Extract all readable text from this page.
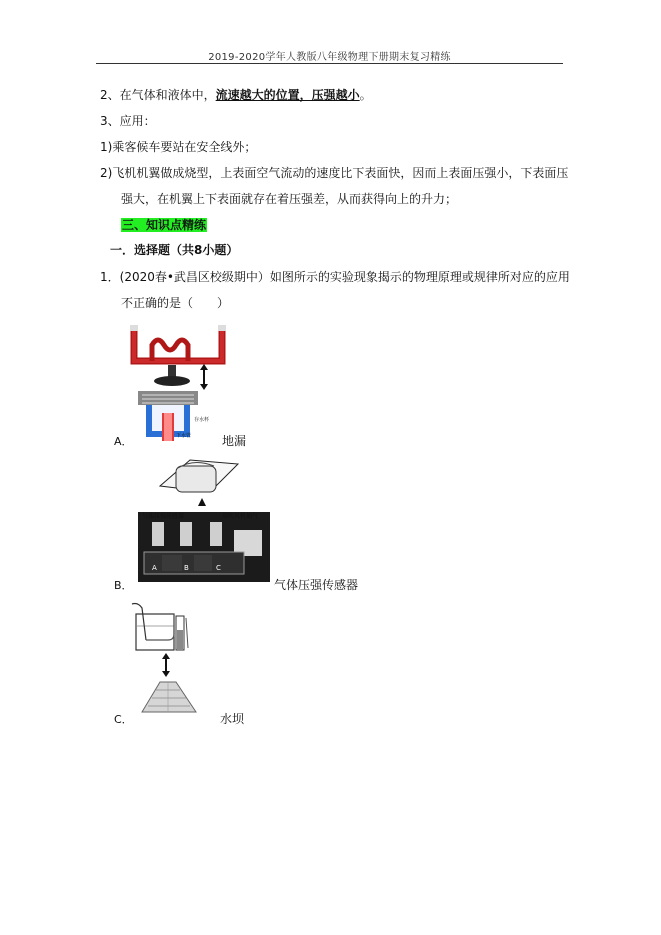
2019-2020学年人教版八年级物理下册期末复习精练
2、在气体和液体中，流速越大的位置，压强越小。
3、应用：
1)乘客候车要站在安全线外；
2)飞机机翼做成烧型，上表面空气流动的速度比下表面快，因而上表面压强小，下表面压
强大，在机翼上下表面就存在着压强差，从而获得向上的升力；
三、知识点精练
一．选择题（共8小题）
1．(2020春•武昌区校级期中）如图所示的实验现象揭示的物理原理或规律所对应的应用
不正确的是（　　）
存水杯
下水管
A．	地漏
A	B	C
气体压强传感器	用吹风机抽气
B．	气体压强传感器
C．	水坝
